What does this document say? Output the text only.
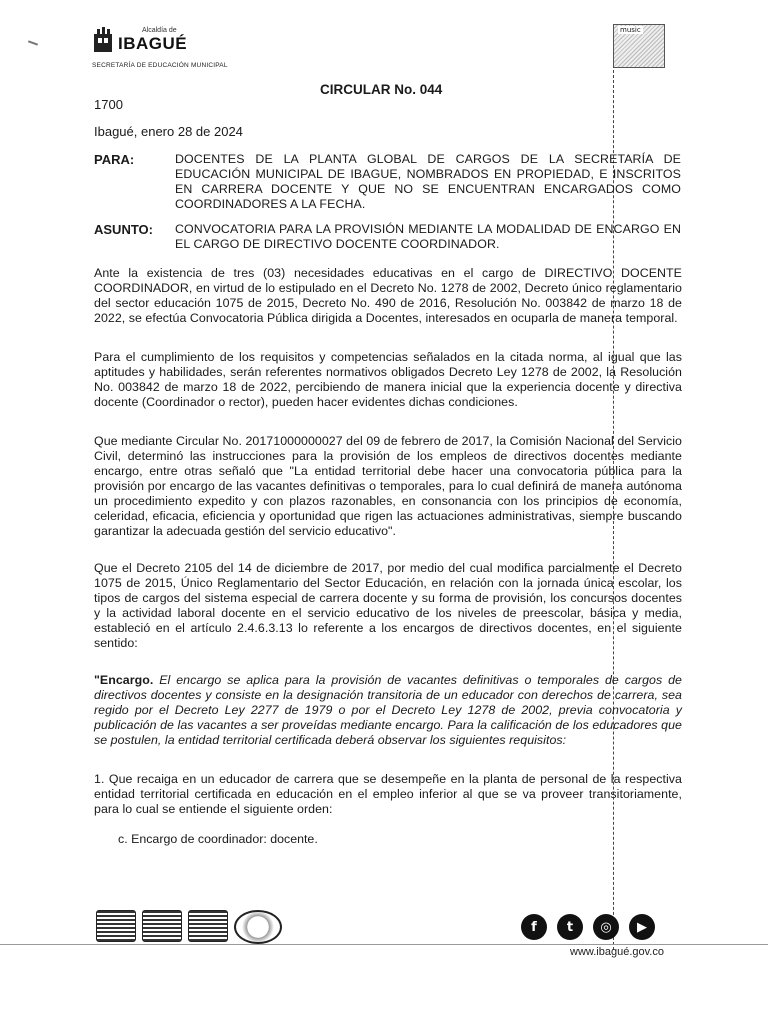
Alcaldía de
IBAGUÉ
SECRETARÍA DE EDUCACIÓN MUNICIPAL
music
CIRCULAR No. 044
1700
Ibagué, enero 28 de 2024
PARA:	DOCENTES DE LA PLANTA GLOBAL DE CARGOS DE LA SECRETARÍA DE EDUCACIÓN MUNICIPAL DE IBAGUE, NOMBRADOS EN PROPIEDAD, E INSCRITOS EN CARRERA DOCENTE Y QUE NO SE ENCUENTRAN ENCARGADOS COMO COORDINADORES A LA FECHA.
ASUNTO: CONVOCATORIA PARA LA PROVISIÓN MEDIANTE LA MODALIDAD DE ENCARGO EN EL CARGO DE DIRECTIVO DOCENTE COORDINADOR.

Ante la existencia de tres (03) necesidades educativas en el cargo de DIRECTIVO DOCENTE COORDINADOR, en virtud de lo estipulado en el Decreto No. 1278 de 2002, Decreto único reglamentario del sector educación 1075 de 2015, Decreto No. 490 de 2016, Resolución No. 003842 de marzo 18 de 2022, se efectúa Convocatoria Pública dirigida a Docentes, interesados en ocuparla de manera temporal.

Para el cumplimiento de los requisitos y competencias señalados en la citada norma, al igual que las aptitudes y habilidades, serán referentes normativos obligados Decreto Ley 1278 de 2002, la Resolución No. 003842 de marzo 18 de 2022, percibiendo de manera inicial que la experiencia docente y directiva docente (Coordinador o rector), pueden hacer evidentes dichas condiciones.

Que mediante Circular No. 20171000000027 del 09 de febrero de 2017, la Comisión Nacional del Servicio Civil, determinó las instrucciones para la provisión de los empleos de directivos docentes mediante encargo, entre otras señaló que "La entidad territorial debe hacer una convocatoria pública para la provisión por encargo de las vacantes definitivas o temporales, para lo cual definirá de manera autónoma un procedimiento expedito y con plazos razonables, en consonancia con los principios de economía, celeridad, eficacia, eficiencia y oportunidad que rigen las actuaciones administrativas, siempre buscando garantizar la adecuada gestión del servicio educativo".

Que el Decreto 2105 del 14 de diciembre de 2017, por medio del cual modifica parcialmente el Decreto 1075 de 2015, Único Reglamentario del Sector Educación, en relación con la jornada única escolar, los tipos de cargos del sistema especial de carrera docente y su forma de provisión, los concursos docentes y la actividad laboral docente en el servicio educativo de los niveles de preescolar, básica y media, estableció en el artículo 2.4.6.3.13 lo referente a los encargos de directivos docentes, en el siguiente sentido:

"Encargo. El encargo se aplica para la provisión de vacantes definitivas o temporales de cargos de directivos docentes y consiste en la designación transitoria de un educador con derechos de carrera, sea regido por el Decreto Ley 2277 de 1979 o por el Decreto Ley 1278 de 2002, previa convocatoria y publicación de las vacantes a ser proveídas mediante encargo. Para la calificación de los educadores que se postulen, la entidad territorial certificada deberá observar los siguientes requisitos:

1. Que recaiga en un educador de carrera que se desempeñe en la planta de personal de la respectiva entidad territorial certificada en educación en el empleo inferior al que se va proveer transitoriamente, para lo cual se entiende el siguiente orden:

c. Encargo de coordinador: docente.
f	t	◎	▶
www.ibagué.gov.co
